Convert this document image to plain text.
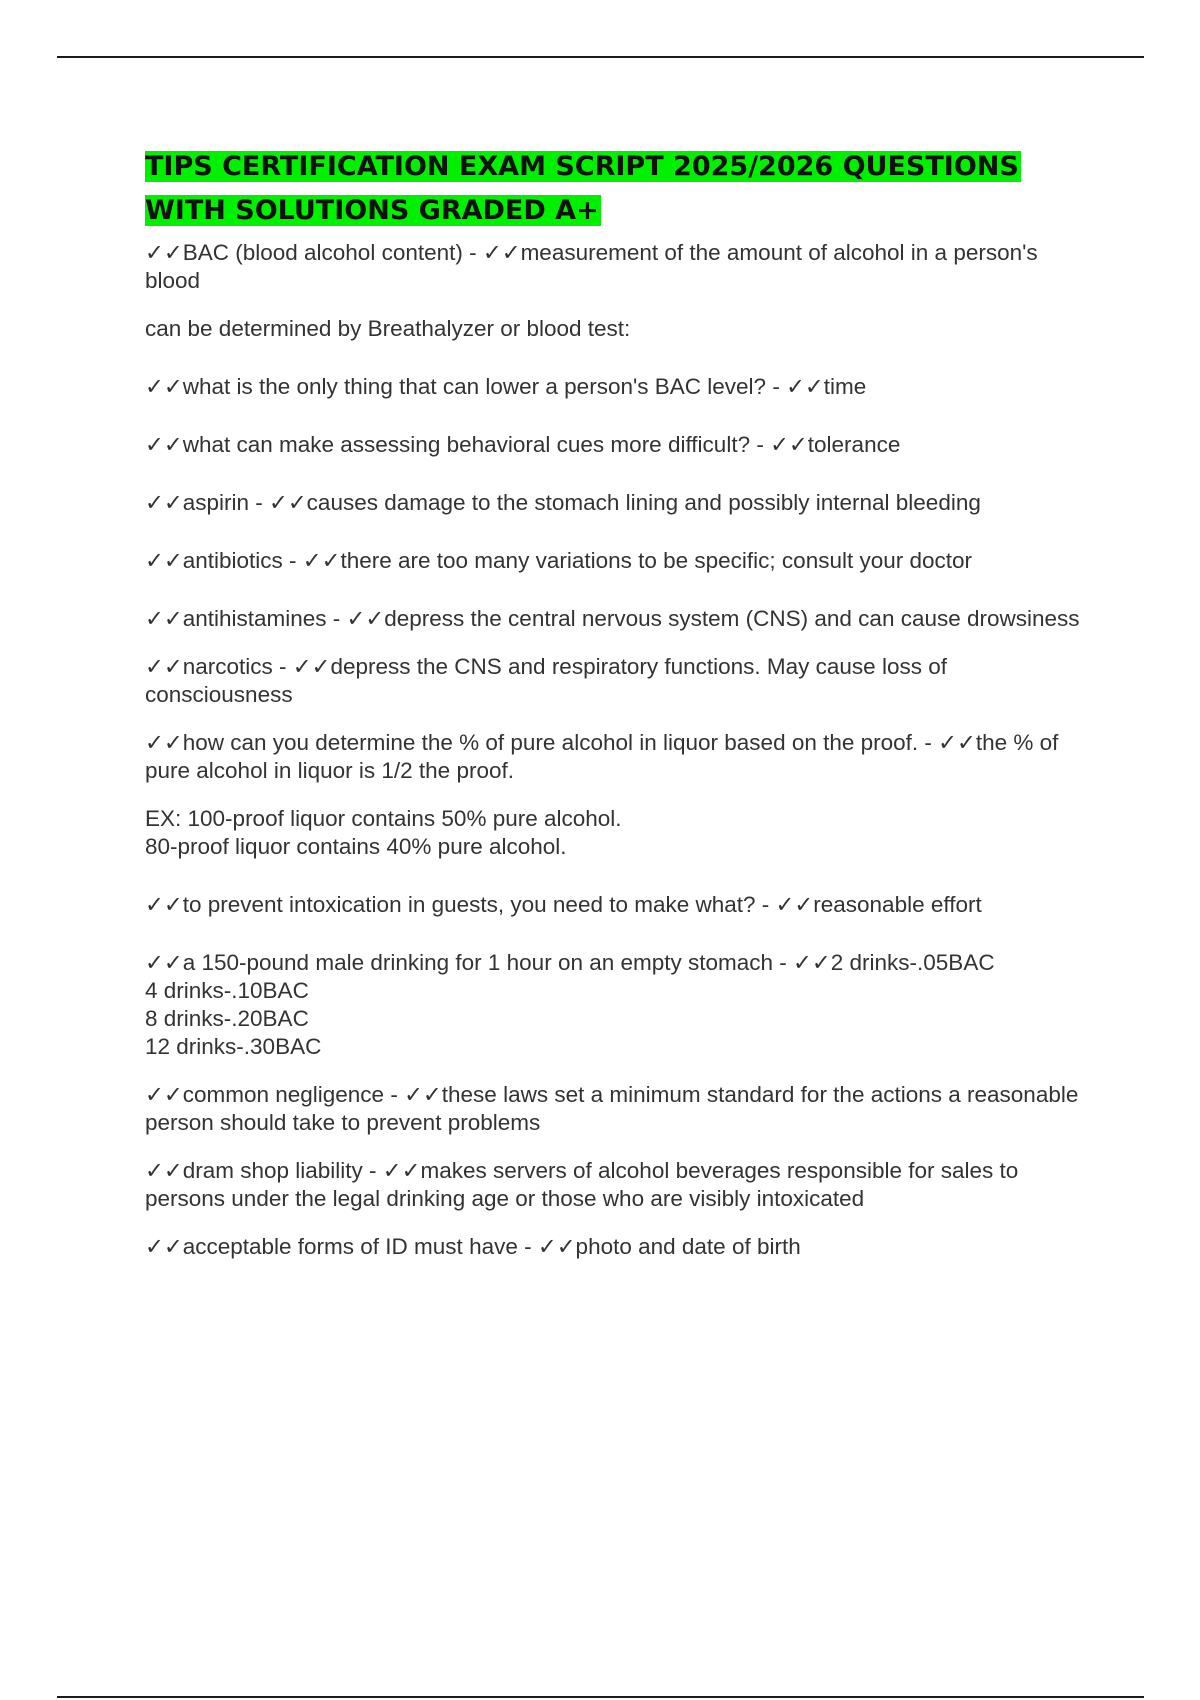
TIPS CERTIFICATION EXAM SCRIPT 2025/2026 QUESTIONS WITH SOLUTIONS GRADED A+

✓✓BAC (blood alcohol content) - ✓✓measurement of the amount of alcohol in a person's blood

can be determined by Breathalyzer or blood test:

✓✓what is the only thing that can lower a person's BAC level? - ✓✓time

✓✓what can make assessing behavioral cues more difficult? - ✓✓tolerance

✓✓aspirin - ✓✓causes damage to the stomach lining and possibly internal bleeding

✓✓antibiotics - ✓✓there are too many variations to be specific; consult your doctor

✓✓antihistamines - ✓✓depress the central nervous system (CNS) and can cause drowsiness

✓✓narcotics - ✓✓depress the CNS and respiratory functions. May cause loss of consciousness

✓✓how can you determine the % of pure alcohol in liquor based on the proof. - ✓✓the % of pure alcohol in liquor is 1/2 the proof.

EX: 100-proof liquor contains 50% pure alcohol.
80-proof liquor contains 40% pure alcohol.

✓✓to prevent intoxication in guests, you need to make what? - ✓✓reasonable effort

✓✓a 150-pound male drinking for 1 hour on an empty stomach - ✓✓2 drinks-.05BAC
4 drinks-.10BAC
8 drinks-.20BAC
12 drinks-.30BAC

✓✓common negligence - ✓✓these laws set a minimum standard for the actions a reasonable person should take to prevent problems

✓✓dram shop liability - ✓✓makes servers of alcohol beverages responsible for sales to persons under the legal drinking age or those who are visibly intoxicated

✓✓acceptable forms of ID must have - ✓✓photo and date of birth
